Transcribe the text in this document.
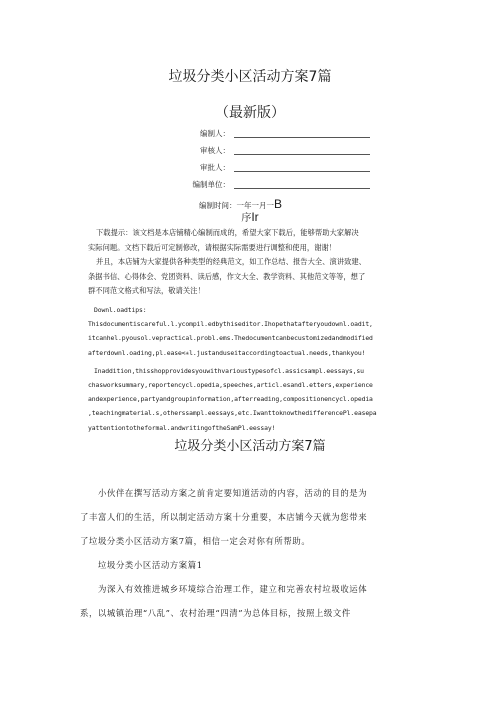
垃圾分类小区活动方案7篇
（最新版）
编制人：
审核人：
审批人：
编制单位：
编制时间：一年一月一B
序Ir
下载提示：该文档是本店铺精心编制而成的，希望大家下载后，能够帮助大家解决
实际问题。文档下载后可定制修改，请根据实际需要进行调整和使用，谢谢！
并且，本店铺为大家提供各种类型的经典范文，如工作总结、报告大全、演讲致建、
条据书信、心得体会、党团资料、读后感，作文大全、教学资料、其他范文等等，想了
群不同范文格式和写法，敬请关注！
Downl.oadtips:
Thisdocumentiscareful.l.ycompil.edbythiseditor.Ihopethatafteryoudownl.oadit,
itcanhel.pyousol.vepractical.probl.ems.Thedocumentcanbecustomizedandmodified
afterdownl.oading,pl.ease<✳l.justanduseitaccordingtoactual.needs,thankyou!
Inaddition,thisshopprovidesyouwithvarioustypesofcl.assicsampl.eessays,su
chasworksummary,reportencycl.opedia,speeches,articl.esandl.etters,experience
andexperience,partyandgroupinformation,afterreading,compositionencycl.opedia
,teachingmaterial.s,otherssampl.eessays,etc.IwanttoknowthedifferencePl.easepa
yattentiontotheformal.andwritingoftheSamPl.eessay!
垃圾分类小区活动方案7篇
小伙伴在撰写活动方案之前肯定要知道活动的内容，活动的目的是为
了丰富人们的生活，所以制定活动方案十分重要，本店铺今天就为您带来
了垃圾分类小区活动方案7篇，相信一定会对你有所帮助。
垃圾分类小区活动方案篇1
为深入有效推进城乡环境综合治理工作，建立和完善农村垃圾收运体
系，以城镇治理“八乱”、农村治理“四清”为总体目标，按照上级文件
